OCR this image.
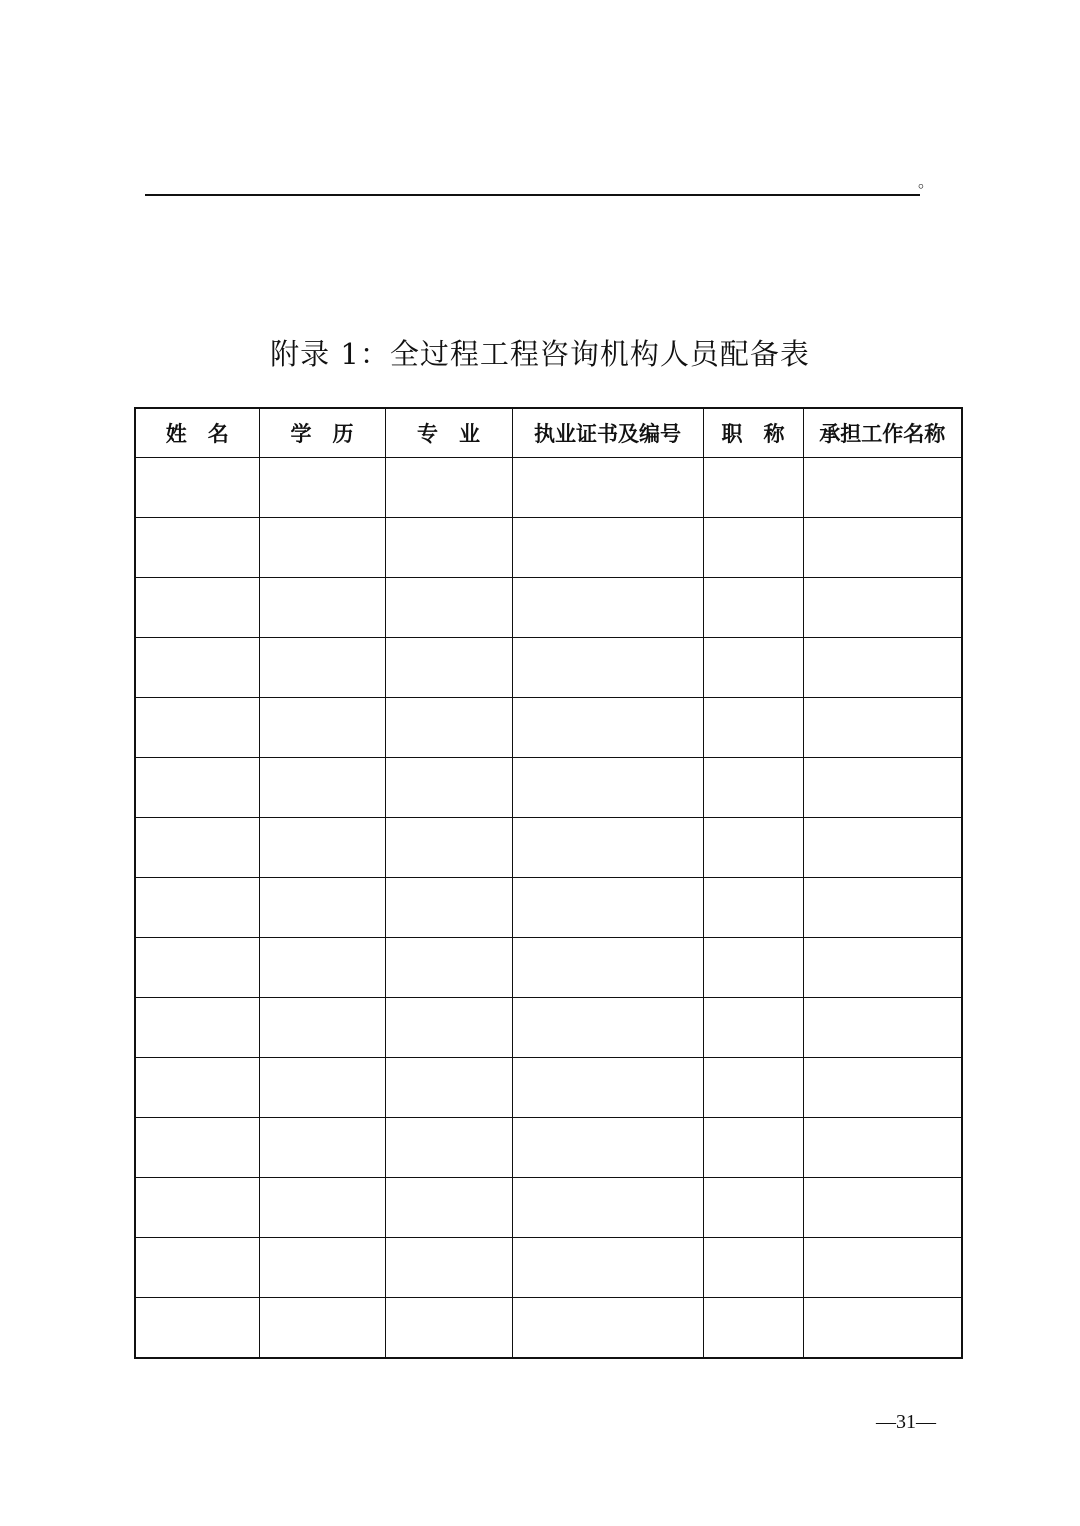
。
附录 1：全过程工程咨询机构人员配备表
姓　名	学　历	专　业	执业证书及编号	职　称	承担工作名称

—31—
